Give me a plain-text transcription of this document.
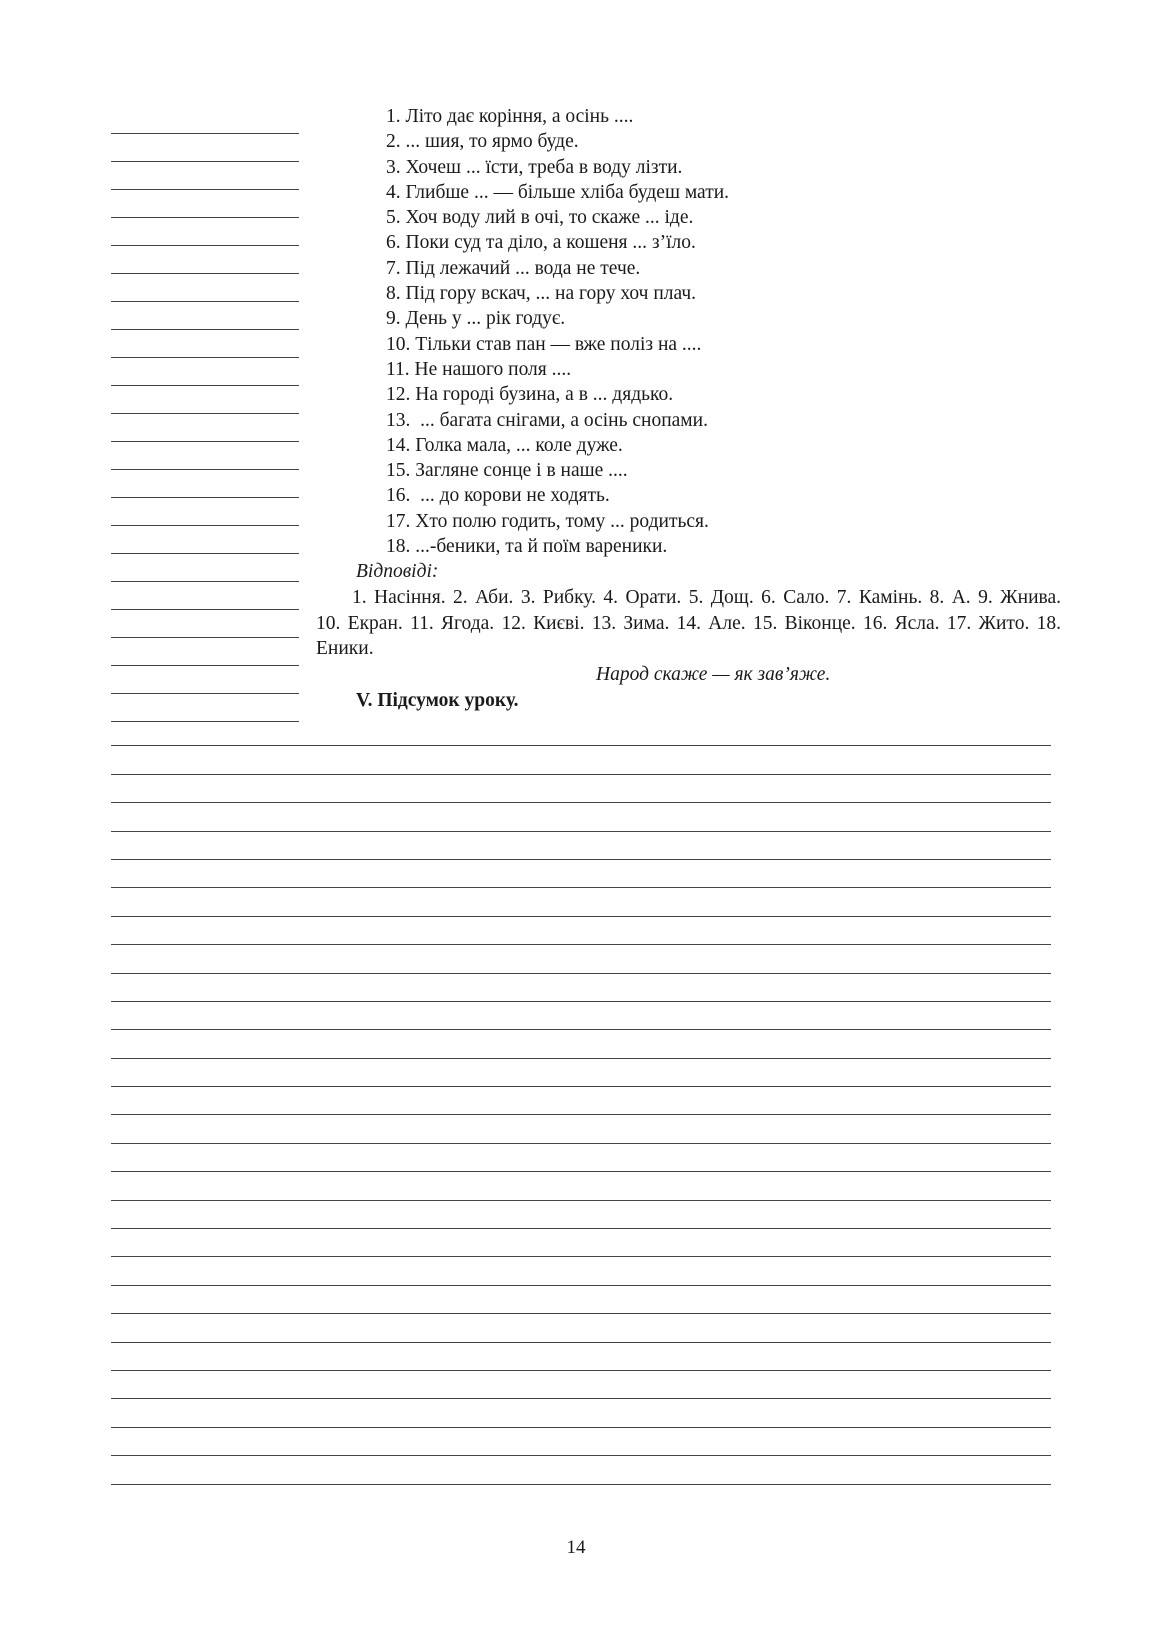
1. Літо дає коріння, а осінь ....
2. ... шия, то ярмо буде.
3. Хочеш ... їсти, треба в воду лізти.
4. Глибше ... — більше хліба будеш мати.
5. Хоч воду лий в очі, то скаже ... іде.
6. Поки суд та діло, а кошеня ... з’їло.
7. Під лежачий ... вода не тече.
8. Під гору вскач, ... на гору хоч плач.
9. День у ... рік годує.
10. Тільки став пан — вже поліз на ....
11. Не нашого поля ....
12. На городі бузина, а в ... дядько.
13.  ... багата снігами, а осінь снопами.
14. Голка мала, ... коле дуже.
15. Загляне сонце і в наше ....
16.  ... до корови не ходять.
17. Хто полю годить, тому ... родиться.
18. ...-беники, та й поїм вареники.
Відповіді:
1. Насіння. 2. Аби. 3. Рибку. 4. Орати. 5. Дощ. 6. Сало. 7. Камінь. 8. А. 9. Жнива. 10. Екран. 11. Ягода. 12. Києві. 13. Зима. 14. Але. 15. Віконце. 16. Ясла. 17. Жито. 18. Еники.
Народ скаже — як зав’яже.
V. Підсумок уроку.
14
